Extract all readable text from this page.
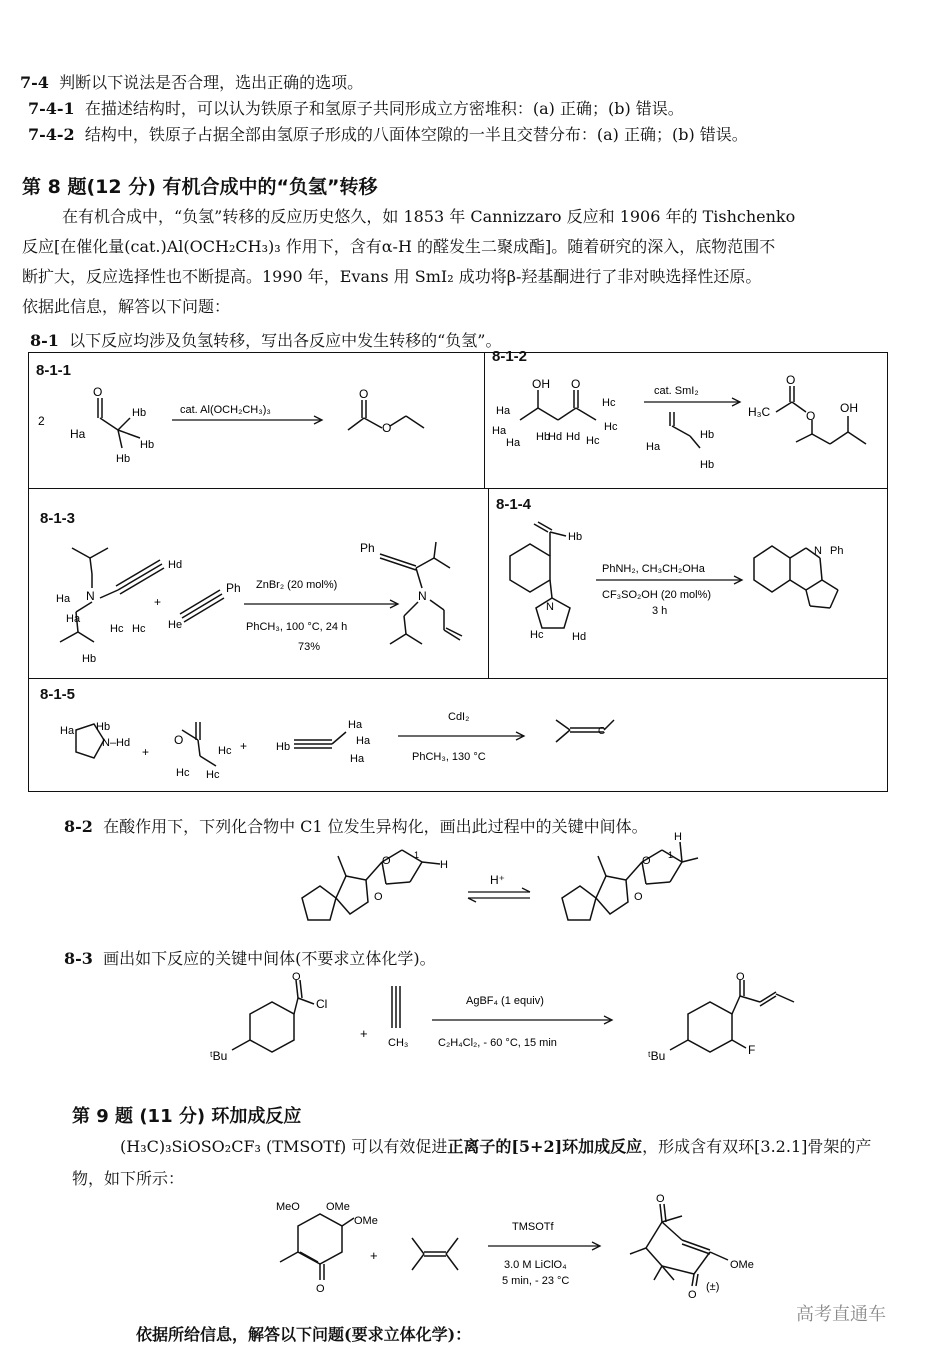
7-4 判断以下说法是否合理，选出正确的选项。
7-4-1 在描述结构时，可以认为铁原子和氢原子共同形成立方密堆积：(a) 正确；(b) 错误。
7-4-2 结构中，铁原子占据全部由氢原子形成的八面体空隙的一半且交替分布：(a) 正确；(b) 错误。
第 8 题(12 分) 有机合成中的“负氢”转移
在有机合成中，“负氢”转移的反应历史悠久，如 1853 年 Cannizzaro 反应和 1906 年的 Tishchenko
反应[在催化量(cat.)Al(OCH₂CH₃)₃ 作用下，含有α-H 的醛发生二聚成酯]。随着研究的深入，底物范围不
断扩大，反应选择性也不断提高。1990 年，Evans 用 SmI₂ 成功将β-羟基酮进行了非对映选择性还原。
依据此信息，解答以下问题：
8-1 以下反应均涉及负氢转移，写出各反应中发生转移的“负氢”。
8-1-1
2
O
Ha
Hb
Hb
Hb
cat. Al(OCH₂CH₃)₃
O
O
8-1-2
OH O
Ha
Ha
Ha Hb
Hd Hd
Hc
Hc
Hc
cat. SmI₂
Ha
Hb
Hb
H₃C
O
O
OH
8-1-3
N
Hd
Ha
Ha
Hb
Hc Hc
+
He
Ph ZnBr₂ (20 mol%)
PhCH₃, 100 °C, 24 h
73%
Ph
N
8-1-4
Hb
N
Hc	Hd
PhNH₂, CH₃CH₂OHa
CF₃SO₂OH (20 mol%)
3 h
N Ph
8-1-5
Ha Hb
N–Hd
+
O
Hc
Hc Hc
+	Hb
Ha
Ha
Ha
CdI₂
PhCH₃, 130 °C
C
8-2 在酸作用下，下列化合物中 C1 位发生异构化，画出此过程中的关键中间体。
O
O	1
H
H⁺
O
O
H
1
8-3 画出如下反应的关键中间体(不要求立体化学)。
O
Cl
ᵗBu
+
CH₃
AgBF₄ (1 equiv)
C₂H₄Cl₂, - 60 °C, 15 min
O
F
ᵗBu
第 9 题 (11 分) 环加成反应
(H₃C)₃SiOSO₂CF₃ (TMSOTf) 可以有效促进正离子的[5+2]环加成反应，形成含有双环[3.2.1]骨架的产
物，如下所示：
MeO OMe
OMe
O
+
TMSOTf
3.0 M LiClO₄
5 min, - 23 °C
O
O
OMe
(±)
依据所给信息，解答以下问题(要求立体化学)：
高考直通车
